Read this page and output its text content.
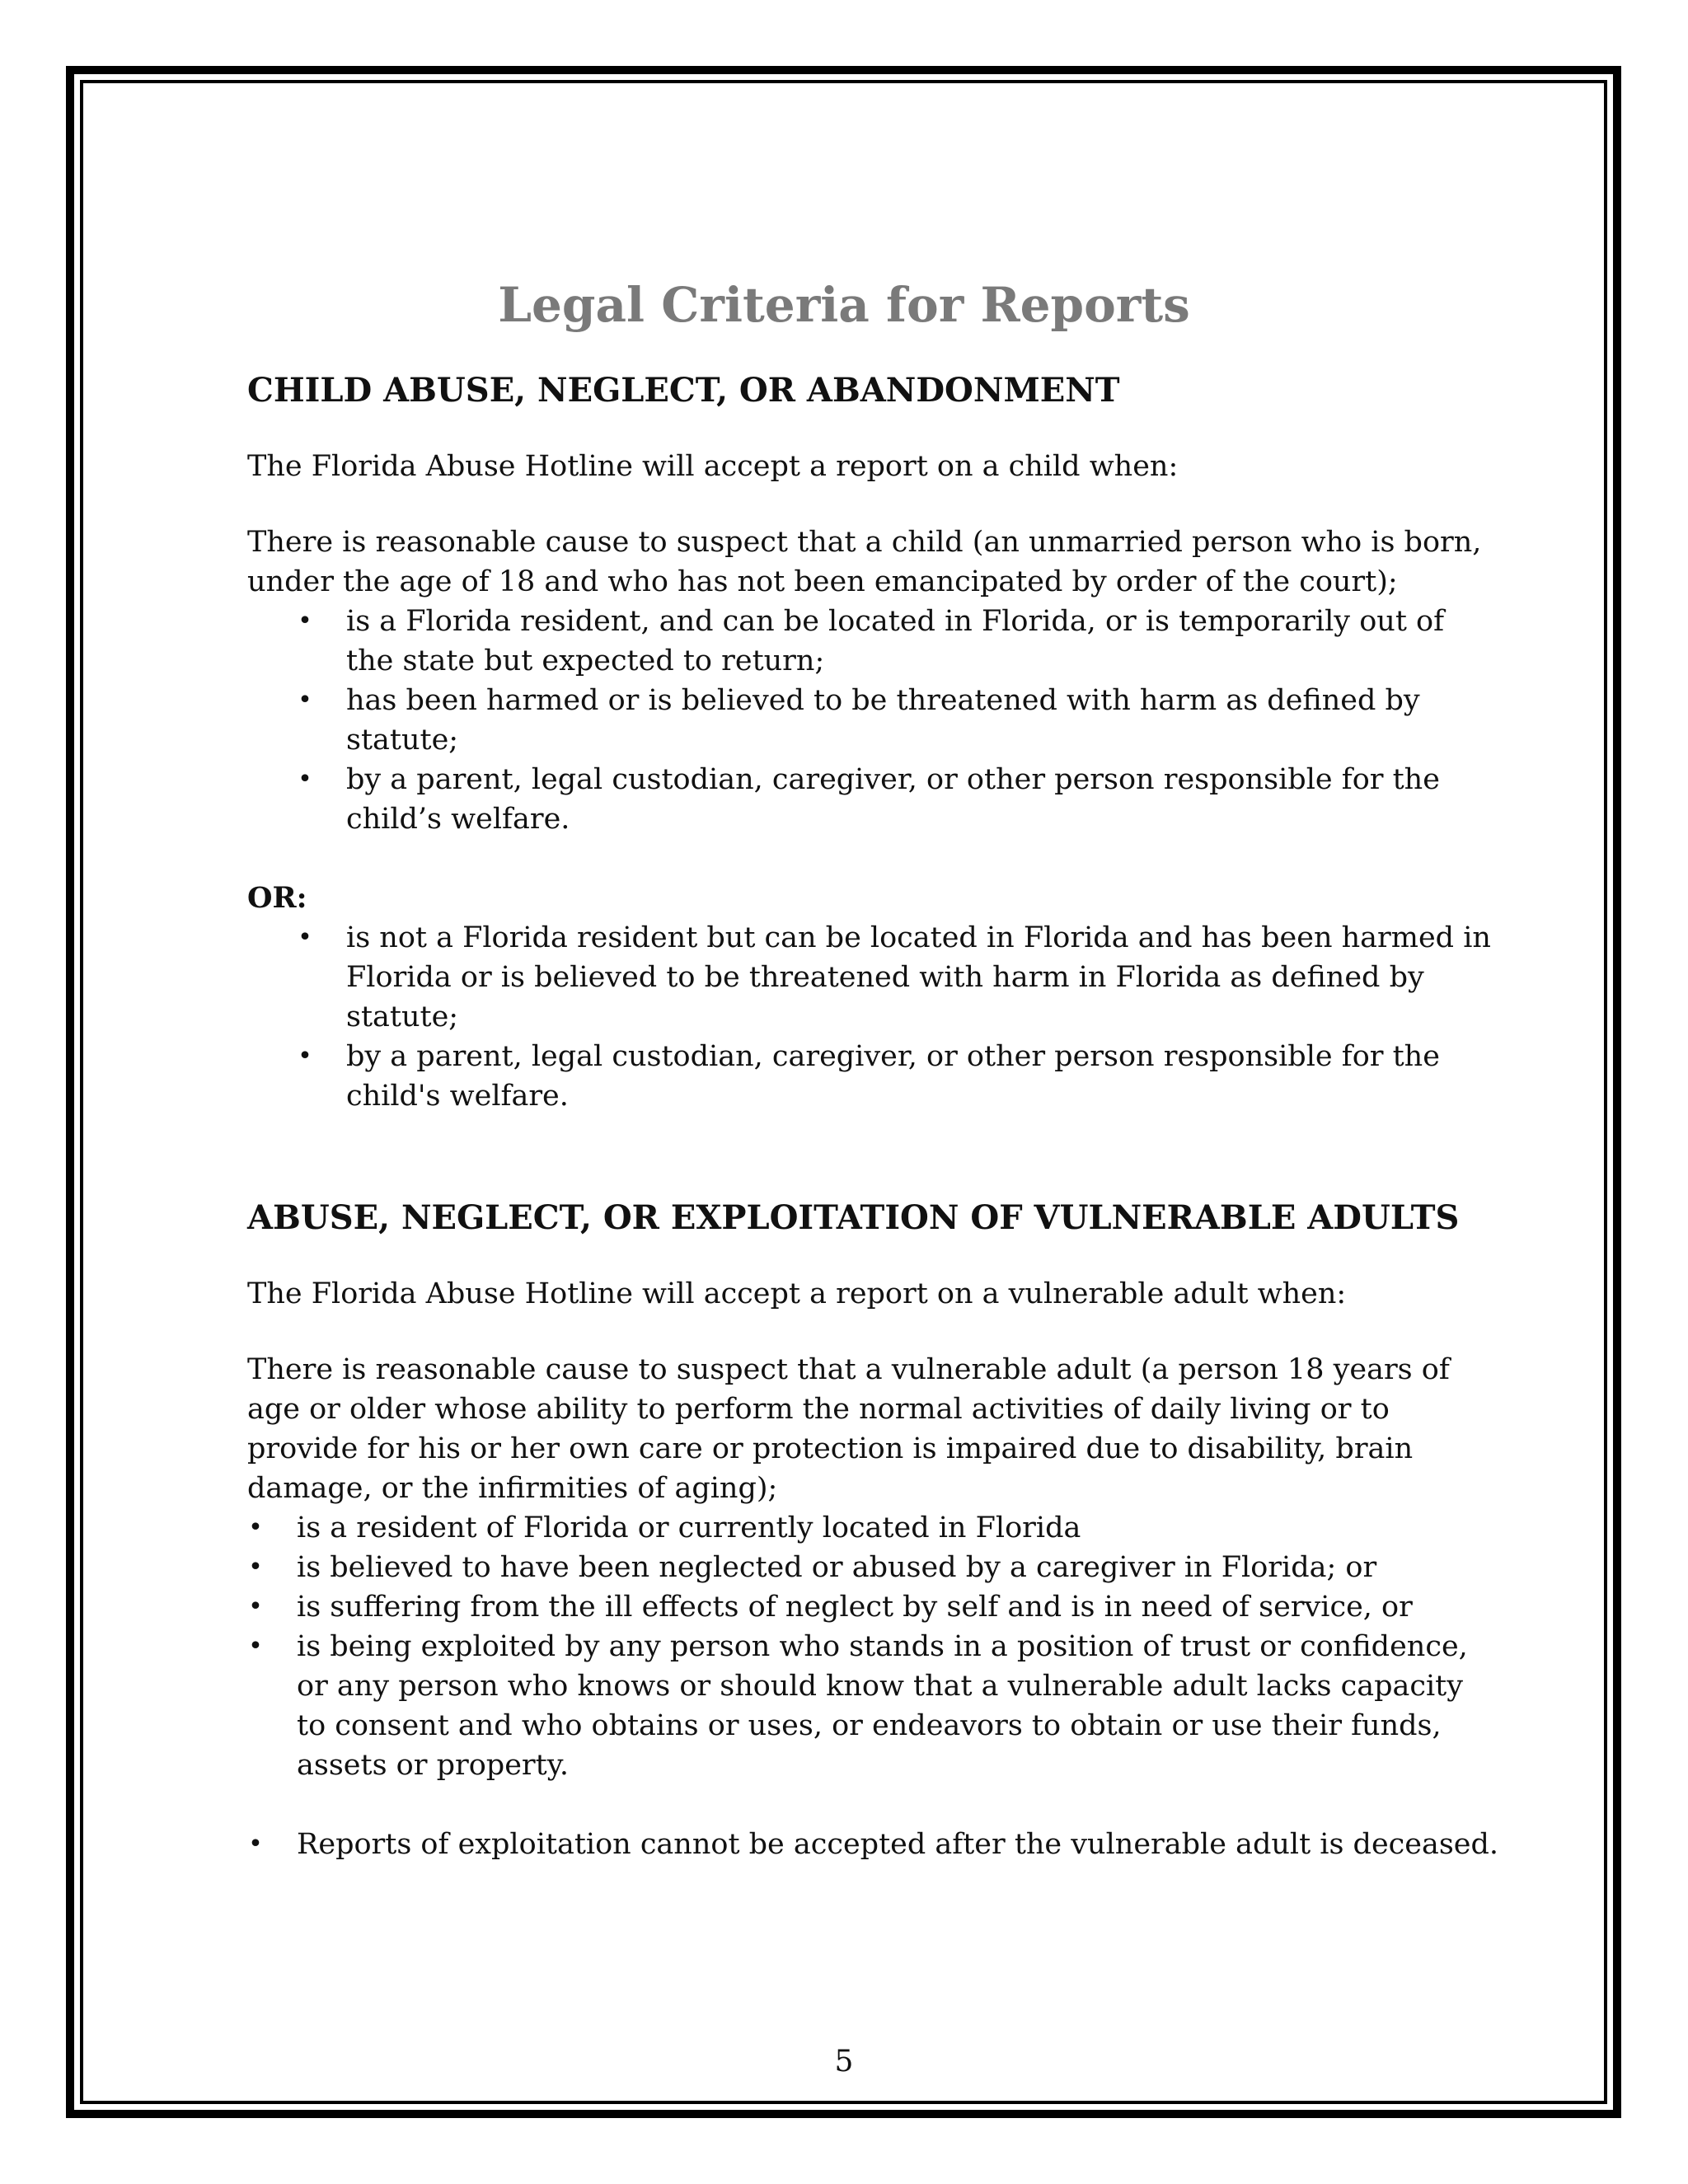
Legal Criteria for Reports
CHILD ABUSE, NEGLECT, OR ABANDONMENT

The Florida Abuse Hotline will accept a report on a child when:

There is reasonable cause to suspect that a child (an unmarried person who is born, under the age of 18 and who has not been emancipated by order of the court);

• is a Florida resident, and can be located in Florida, or is temporarily out of the state but expected to return;
• has been harmed or is believed to be threatened with harm as defined by statute;
• by a parent, legal custodian, caregiver, or other person responsible for the child’s welfare.

OR:

• is not a Florida resident but can be located in Florida and has been harmed in Florida or is believed to be threatened with harm in Florida as defined by statute;
• by a parent, legal custodian, caregiver, or other person responsible for the child's welfare.
ABUSE, NEGLECT, OR EXPLOITATION OF VULNERABLE ADULTS

The Florida Abuse Hotline will accept a report on a vulnerable adult when:

There is reasonable cause to suspect that a vulnerable adult (a person 18 years of age or older whose ability to perform the normal activities of daily living or to provide for his or her own care or protection is impaired due to disability, brain damage, or the infirmities of aging);

• is a resident of Florida or currently located in Florida
• is believed to have been neglected or abused by a caregiver in Florida; or
• is suffering from the ill effects of neglect by self and is in need of service, or
• is being exploited by any person who stands in a position of trust or confidence, or any person who knows or should know that a vulnerable adult lacks capacity to consent and who obtains or uses, or endeavors to obtain or use their funds, assets or property.
• Reports of exploitation cannot be accepted after the vulnerable adult is deceased.
5
